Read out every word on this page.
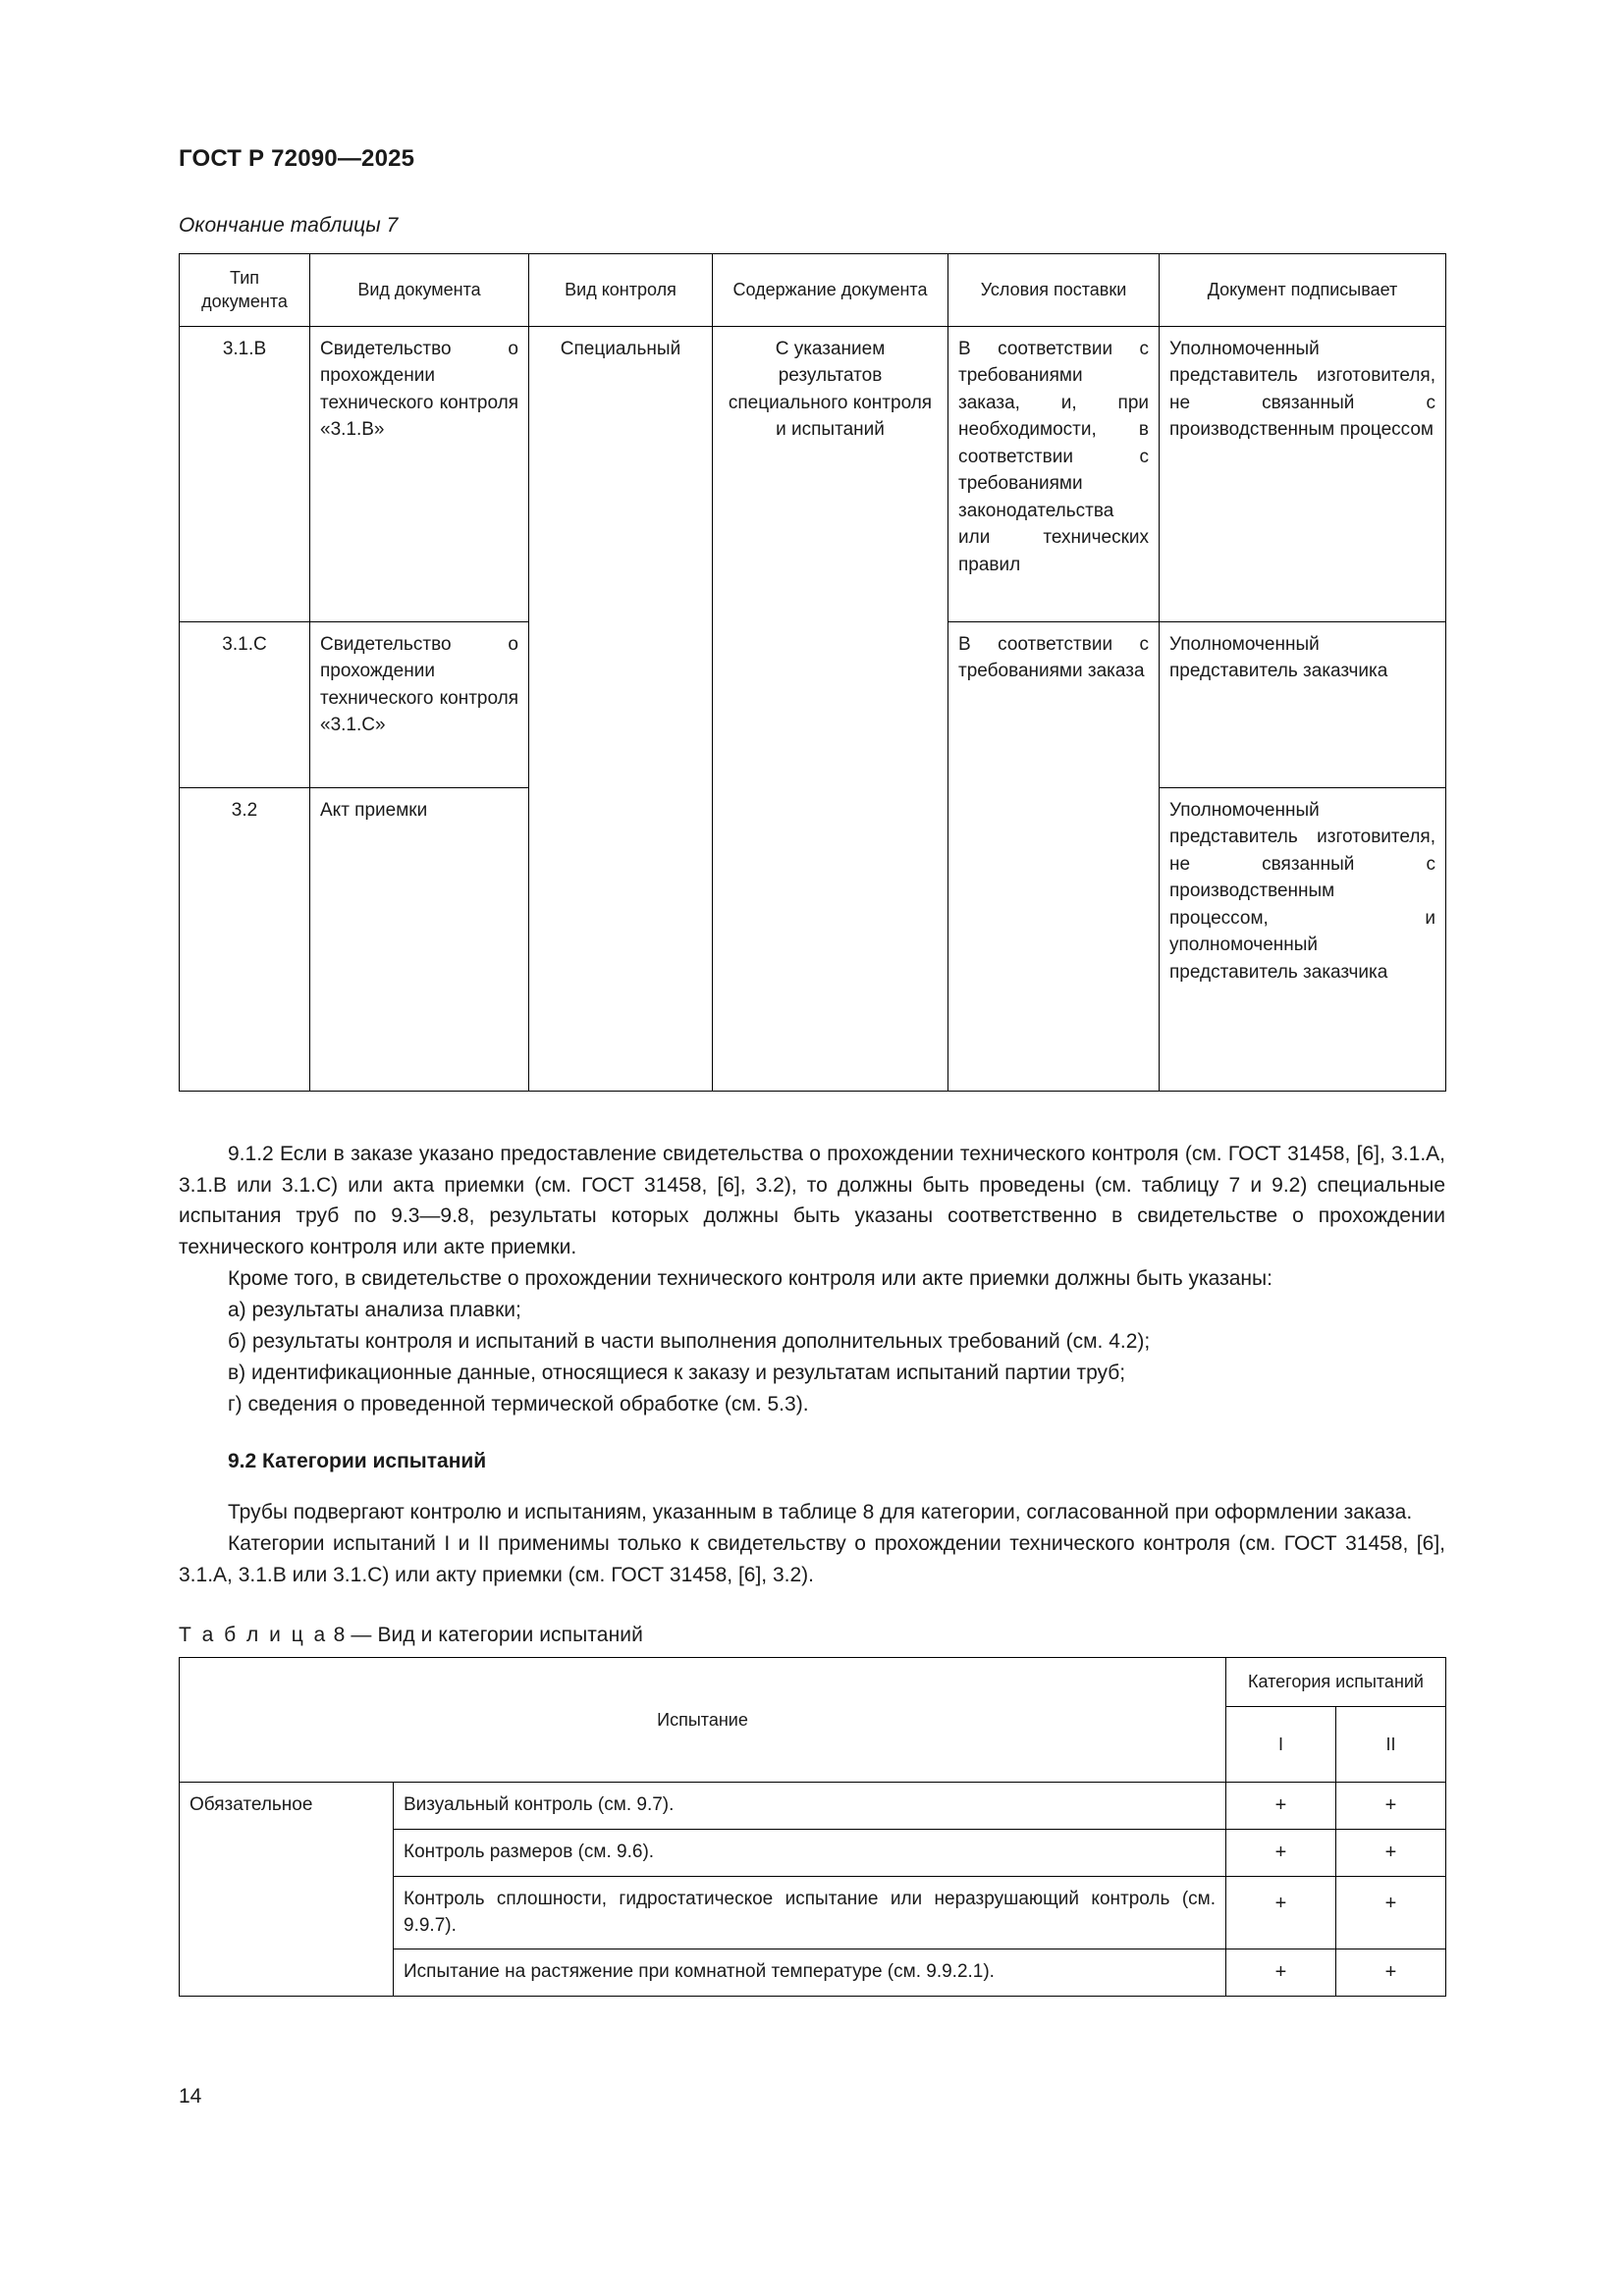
ГОСТ Р 72090—2025
Окончание таблицы 7
Тип документа	Вид документа	Вид контроля	Содержание документа	Условия поставки	Документ подписывает
3.1.B	Свидетельство о прохождении технического контроля «3.1.B»	Специальный	С указанием результатов специального контроля и испытаний	В соответствии с требованиями заказа, и, при необходимости, в соответствии с требованиями законодательства или технических правил	Уполномоченный представитель изготовителя, не связанный с производственным процессом
3.1.C	Свидетельство о прохождении технического контроля «3.1.C»			В соответствии с требованиями заказа	Уполномоченный представитель заказчика
3.2	Акт приемки				Уполномоченный представитель изготовителя, не связанный с производственным процессом, и уполномоченный представитель заказчика

9.1.2 Если в заказе указано предоставление свидетельства о прохождении технического контроля (см. ГОСТ 31458, [6], 3.1.A, 3.1.B или 3.1.C) или акта приемки (см. ГОСТ 31458, [6], 3.2), то должны быть проведены (см. таблицу 7 и 9.2) специальные испытания труб по 9.3—9.8, результаты которых должны быть указаны соответственно в свидетельстве о прохождении технического контроля или акте приемки.

Кроме того, в свидетельстве о прохождении технического контроля или акте приемки должны быть указаны:

а) результаты анализа плавки;

б) результаты контроля и испытаний в части выполнения дополнительных требований (см. 4.2);

в) идентификационные данные, относящиеся к заказу и результатам испытаний партии труб;

г) сведения о проведенной термической обработке (см. 5.3).

9.2 Категории испытаний

Трубы подвергают контролю и испытаниям, указанным в таблице 8 для категории, согласованной при оформлении заказа.

Категории испытаний I и II применимы только к свидетельству о прохождении технического контроля (см. ГОСТ 31458, [6], 3.1.A, 3.1.B или 3.1.C) или акту приемки (см. ГОСТ 31458, [6], 3.2).

Т а б л и ц а 8 — Вид и категории испытаний
Испытание		Категория испытаний	
		I	II
Обязательное	Визуальный контроль (см. 9.7).	+	+
	Контроль размеров (см. 9.6).	+	+
	Контроль сплошности, гидростатическое испытание или неразрушающий контроль (см. 9.9.7).	+	+
	Испытание на растяжение при комнатной температуре (см. 9.9.2.1).	+	+
14
